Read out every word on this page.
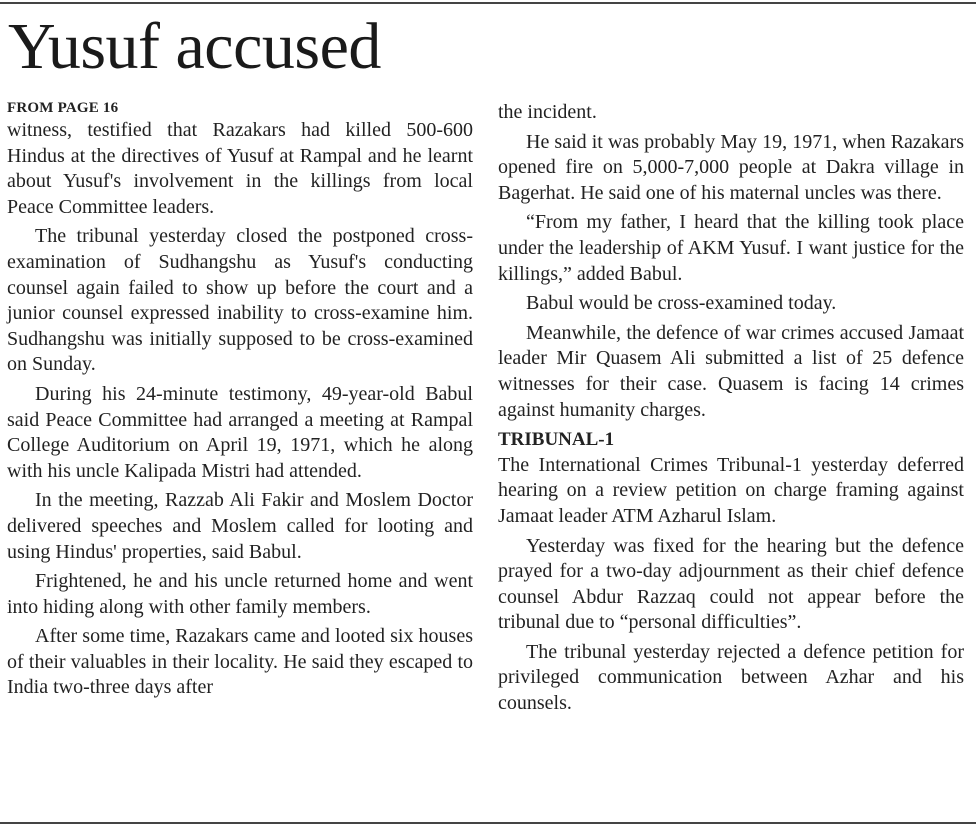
Yusuf accused

FROM PAGE 16

witness, testified that Razakars had killed 500-600 Hindus at the directives of Yusuf at Rampal and he learnt about Yusuf's involvement in the killings from local Peace Committee leaders.

The tribunal yesterday closed the postponed cross-examination of Sudhangshu as Yusuf's conducting counsel again failed to show up before the court and a junior counsel expressed inability to cross-examine him. Sudhangshu was initially supposed to be cross-examined on Sunday.

During his 24-minute testimony, 49-year-old Babul said Peace Committee had arranged a meeting at Rampal College Auditorium on April 19, 1971, which he along with his uncle Kalipada Mistri had attended.

In the meeting, Razzab Ali Fakir and Moslem Doctor delivered speeches and Moslem called for looting and using Hindus' properties, said Babul.

Frightened, he and his uncle returned home and went into hiding along with other family members.

After some time, Razakars came and looted six houses of their valuables in their locality. He said they escaped to India two-three days after

the incident.

He said it was probably May 19, 1971, when Razakars opened fire on 5,000-7,000 people at Dakra village in Bagerhat. He said one of his maternal uncles was there.

“From my father, I heard that the killing took place under the leadership of AKM Yusuf. I want justice for the killings,” added Babul.

Babul would be cross-examined today.

Meanwhile, the defence of war crimes accused Jamaat leader Mir Quasem Ali submitted a list of 25 defence witnesses for their case. Quasem is facing 14 crimes against humanity charges.

TRIBUNAL-1

The International Crimes Tribunal-1 yesterday deferred hearing on a review petition on charge framing against Jamaat leader ATM Azharul Islam.

Yesterday was fixed for the hearing but the defence prayed for a two-day adjournment as their chief defence counsel Abdur Razzaq could not appear before the tribunal due to “personal difficulties”.

The tribunal yesterday rejected a defence petition for privileged communication between Azhar and his counsels.
